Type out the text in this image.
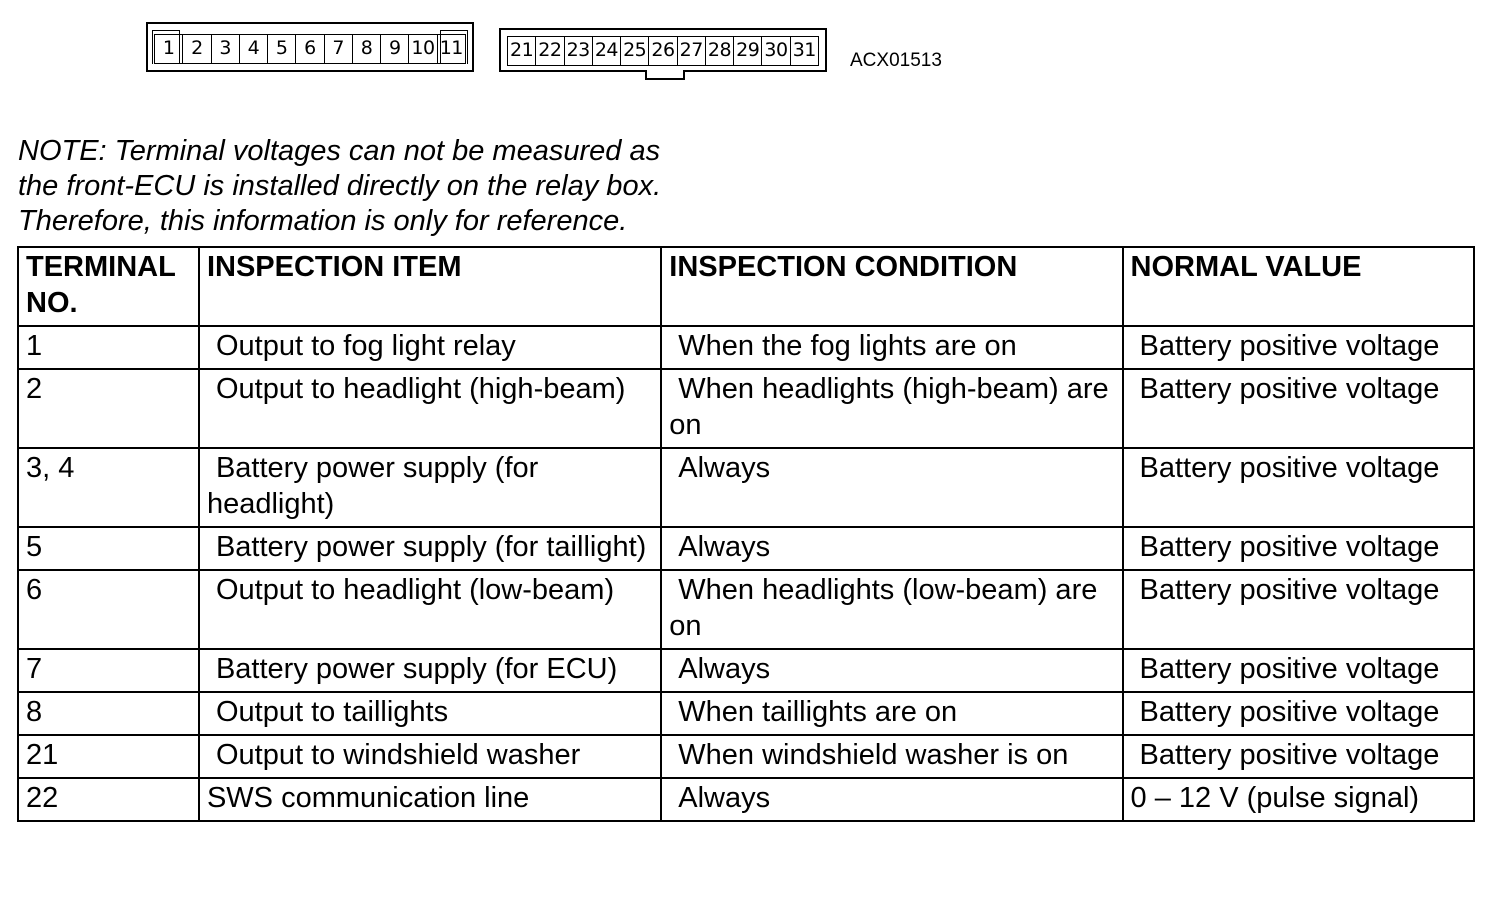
1 2 3 4 5 6 7 8 9 10 11 21 22 23 24 25 26 27 28 29 30 31 ACX01513
NOTE: Terminal voltages can not be measured as
the front-ECU is installed directly on the relay box.
Therefore, this information is only for reference.
TERMINAL NO.	INSPECTION ITEM	INSPECTION CONDITION	NORMAL VALUE
1	Output to fog light relay	When the fog lights are on	Battery positive voltage
2	Output to headlight (high-beam)	When headlights (high-beam) are on	Battery positive voltage
3, 4	Battery power supply (for headlight)	Always	Battery positive voltage
5	Battery power supply (for taillight)	Always	Battery positive voltage
6	Output to headlight (low-beam)	When headlights (low-beam) are on	Battery positive voltage
7	Battery power supply (for ECU)	Always	Battery positive voltage
8	Output to taillights	When taillights are on	Battery positive voltage
21	Output to windshield washer	When windshield washer is on	Battery positive voltage
22	SWS communication line	Always	0 – 12 V (pulse signal)
